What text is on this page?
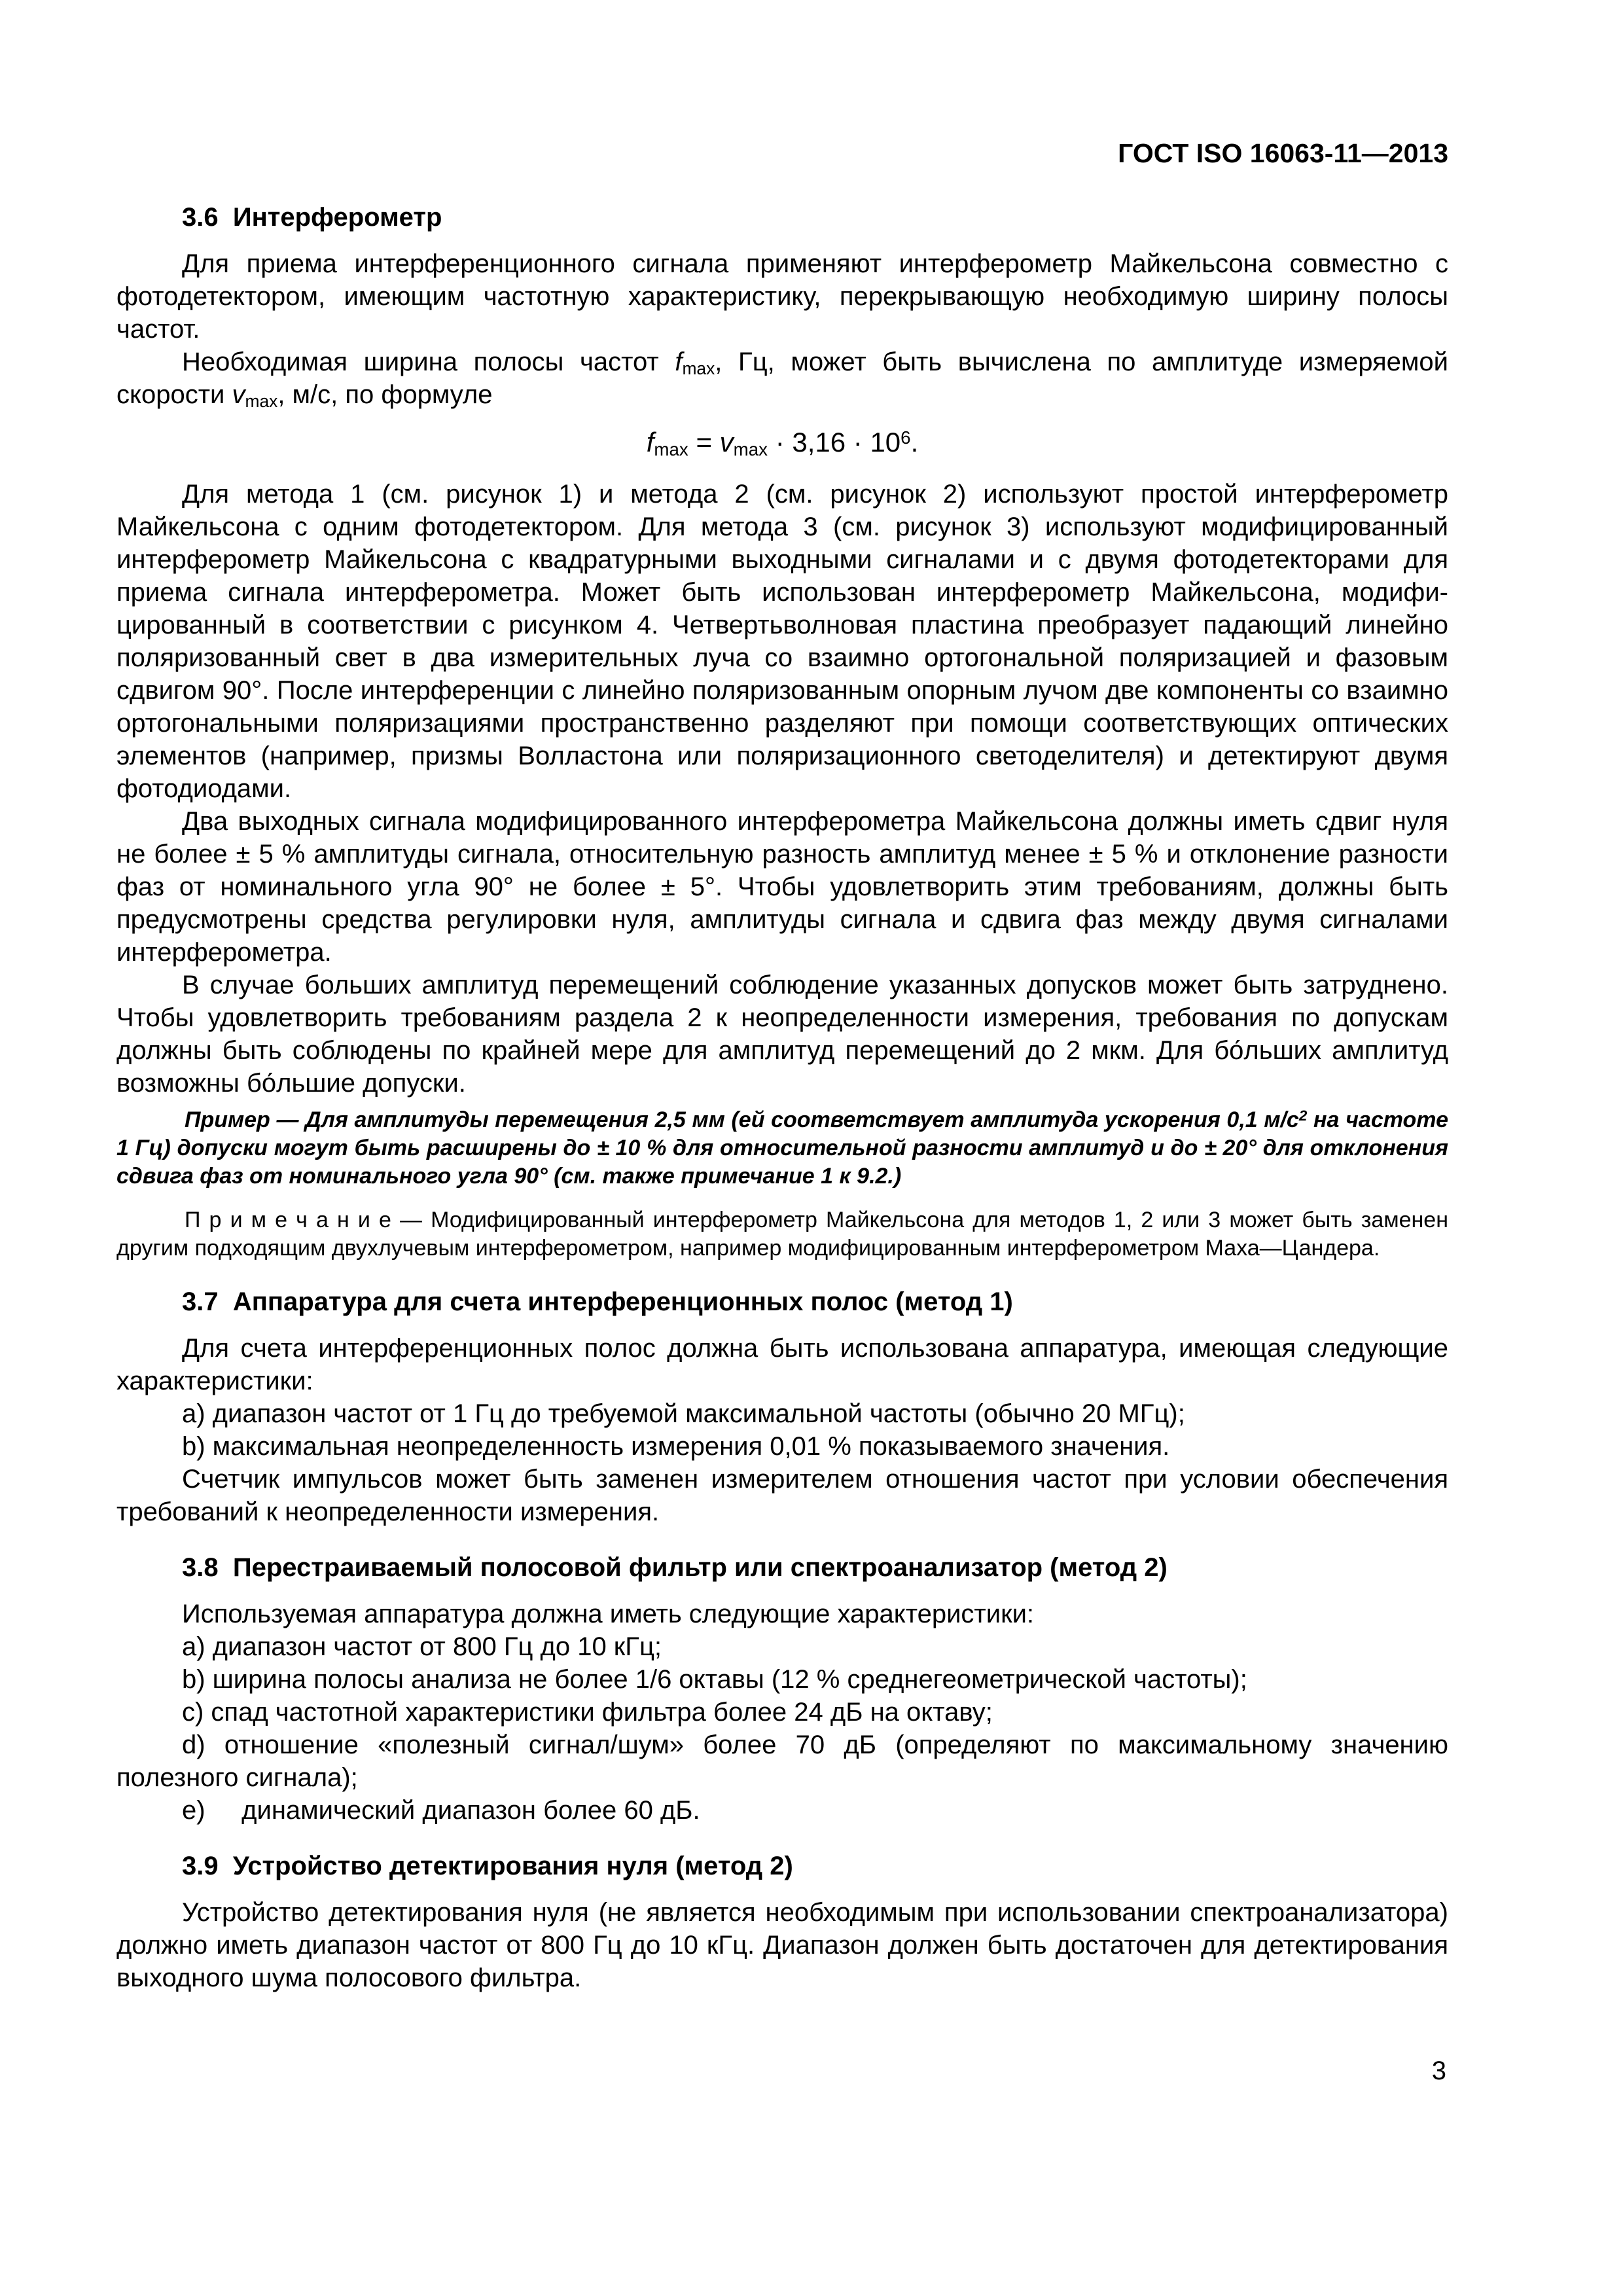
ГОСТ ISO 16063-11—2013
3.6  Интерферометр

Для приема интерференционного сигнала применяют интерферометр Майкельсона совместно с фотодетектором, имеющим частотную характеристику, перекрывающую необходимую ширину полосы частот.

Необходимая ширина полосы частот $f_{max}$, Гц, может быть вычислена по амплитуде измеряемой скорости $v_{max}$, м/с, по формуле

$f_{max} = v_{max} \cdot 3,16 \cdot 10^6$.

Для метода 1 (см. рисунок 1) и метода 2 (см. рисунок 2) используют простой интерферометр Майкельсона с одним фотодетектором. Для метода 3 (см. рисунок 3) используют модифицированный интерферометр Майкельсона с квадратурными выходными сигналами и с двумя фотодетекторами для приема сигнала интерферометра. Может быть использован интерферометр Майкельсона, модифицированный в соответствии с рисунком 4. Четвертьволновая пластина преобразует падающий линейно поляризованный свет в два измерительных луча со взаимно ортогональной поляризацией и фазовым сдвигом 90°. После интерференции с линейно поляризованным опорным лучом две компоненты со взаимно ортогональными поляризациями пространственно разделяют при помощи соответствующих оптических элементов (например, призмы Волластона или поляризационного светоделителя) и детектируют двумя фотодиодами.

Два выходных сигнала модифицированного интерферометра Майкельсона должны иметь сдвиг нуля не более ± 5 % амплитуды сигнала, относительную разность амплитуд менее ± 5 % и отклонение разности фаз от номинального угла 90° не более ± 5°. Чтобы удовлетворить этим требованиям, должны быть предусмотрены средства регулировки нуля, амплитуды сигнала и сдвига фаз между двумя сигналами интерферометра.

В случае больших амплитуд перемещений соблюдение указанных допусков может быть затруднено. Чтобы удовлетворить требованиям раздела 2 к неопределенности измерения, требования по допускам должны быть соблюдены по крайней мере для амплитуд перемещений до 2 мкм. Для бо́льших амплитуд возможны бо́льшие допуски.

Пример — Для амплитуды перемещения 2,5 мм (ей соответствует амплитуда ускорения 0,1 $м/с^2$ на частоте 1 Гц) допуски могут быть расширены до ± 10 % для относительной разности амплитуд и до ± 20° для отклонения сдвига фаз от номинального угла 90° (см. также примечание 1 к 9.2.)

П р и м е ч а н и е — Модифицированный интерферометр Майкельсона для методов 1, 2 или 3 может быть заменен другим подходящим двухлучевым интерферометром, например модифицированным интерферометром Маха—Цандера.

3.7  Аппаратура для счета интерференционных полос (метод 1)

Для счета интерференционных полос должна быть использована аппаратура, имеющая следующие характеристики:

a) диапазон частот от 1 Гц до требуемой максимальной частоты (обычно 20 МГц);

b) максимальная неопределенность измерения 0,01 % показываемого значения.

Счетчик импульсов может быть заменен измерителем отношения частот при условии обеспечения требований к неопределенности измерения.

3.8  Перестраиваемый полосовой фильтр или спектроанализатор (метод 2)

Используемая аппаратура должна иметь следующие характеристики:

a) диапазон частот от 800 Гц до 10 кГц;

b) ширина полосы анализа не более 1/6 октавы (12 % среднегеометрической частоты);

c) спад частотной характеристики фильтра более 24 дБ на октаву;

d) отношение «полезный сигнал/шум» более 70 дБ (определяют по максимальному значению полезного сигнала);

e)     динамический диапазон более 60 дБ.

3.9  Устройство детектирования нуля (метод 2)

Устройство детектирования нуля (не является необходимым при использовании спектроанализатора) должно иметь диапазон частот от 800 Гц до 10 кГц. Диапазон должен быть достаточен для детектирования выходного шума полосового фильтра.

3
